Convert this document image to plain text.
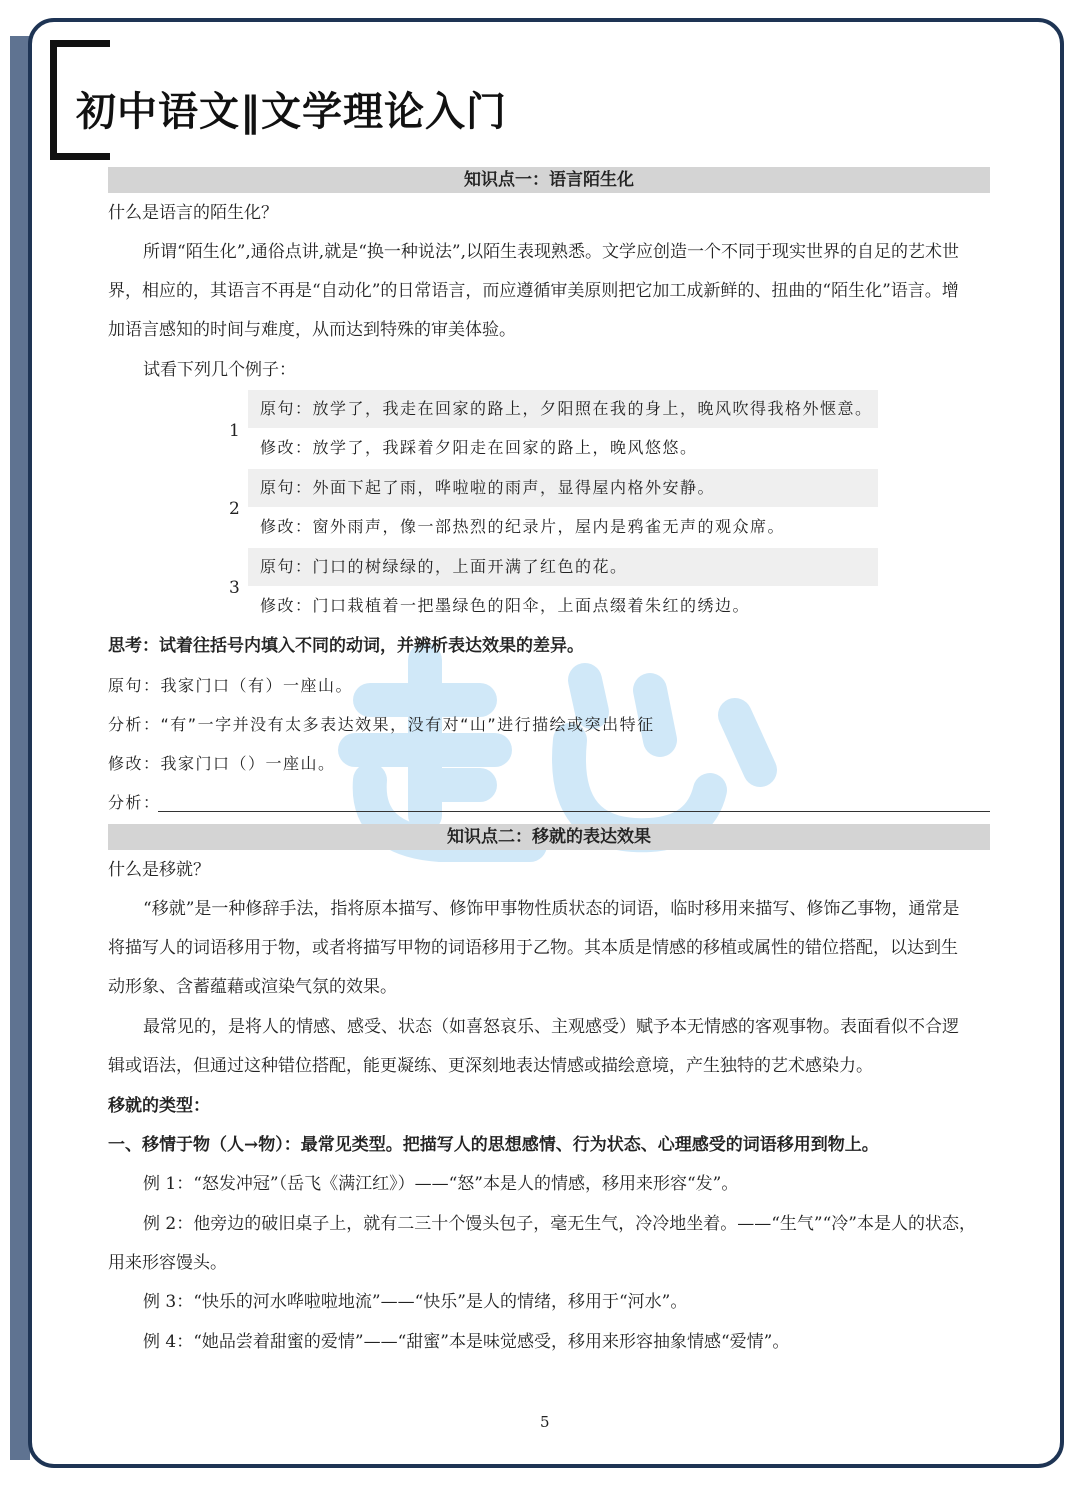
初中语文‖文学理论入门
知识点一：语言陌生化
什么是语言的陌生化？
所谓“陌生化”,通俗点讲,就是“换一种说法”,以陌生表现熟悉。文学应创造一个不同于现实世界的自足的艺术世
界，相应的，其语言不再是“自动化”的日常语言，而应遵循审美原则把它加工成新鲜的、扭曲的“陌生化”语言。增
加语言感知的时间与难度，从而达到特殊的审美体验。
试看下列几个例子：
1
原句：放学了，我走在回家的路上，夕阳照在我的身上，晚风吹得我格外惬意。
修改：放学了，我踩着夕阳走在回家的路上，晚风悠悠。
2
原句：外面下起了雨，哗啦啦的雨声，显得屋内格外安静。
修改：窗外雨声，像一部热烈的纪录片，屋内是鸦雀无声的观众席。
3
原句：门口的树绿绿的，上面开满了红色的花。
修改：门口栽植着一把墨绿色的阳伞，上面点缀着朱红的绣边。
思考：试着往括号内填入不同的动词，并辨析表达效果的差异。
原句：我家门口（有）一座山。
分析：“有”一字并没有太多表达效果，没有对“山”进行描绘或突出特征
修改：我家门口（）一座山。
分析：
知识点二：移就的表达效果
什么是移就？
“移就”是一种修辞手法，指将原本描写、修饰甲事物性质状态的词语，临时移用来描写、修饰乙事物，通常是
将描写人的词语移用于物，或者将描写甲物的词语移用于乙物。其本质是情感的移植或属性的错位搭配，以达到生
动形象、含蓄蕴藉或渲染气氛的效果。
最常见的，是将人的情感、感受、状态（如喜怒哀乐、主观感受）赋予本无情感的客观事物。表面看似不合逻
辑或语法，但通过这种错位搭配，能更凝练、更深刻地表达情感或描绘意境，产生独特的艺术感染力。
移就的类型：
一、移情于物（人→物）：最常见类型。把描写人的思想感情、行为状态、心理感受的词语移用到物上。
例 1：“怒发冲冠”（岳飞《满江红》）——“怒”本是人的情感，移用来形容“发”。
例 2：他旁边的破旧桌子上，就有二三十个馒头包子，毫无生气，冷冷地坐着。——“生气”“冷”本是人的状态，
用来形容馒头。
例 3：“快乐的河水哗啦啦地流”——“快乐”是人的情绪，移用于“河水”。
例 4：“她品尝着甜蜜的爱情”——“甜蜜”本是味觉感受，移用来形容抽象情感“爱情”。
5
